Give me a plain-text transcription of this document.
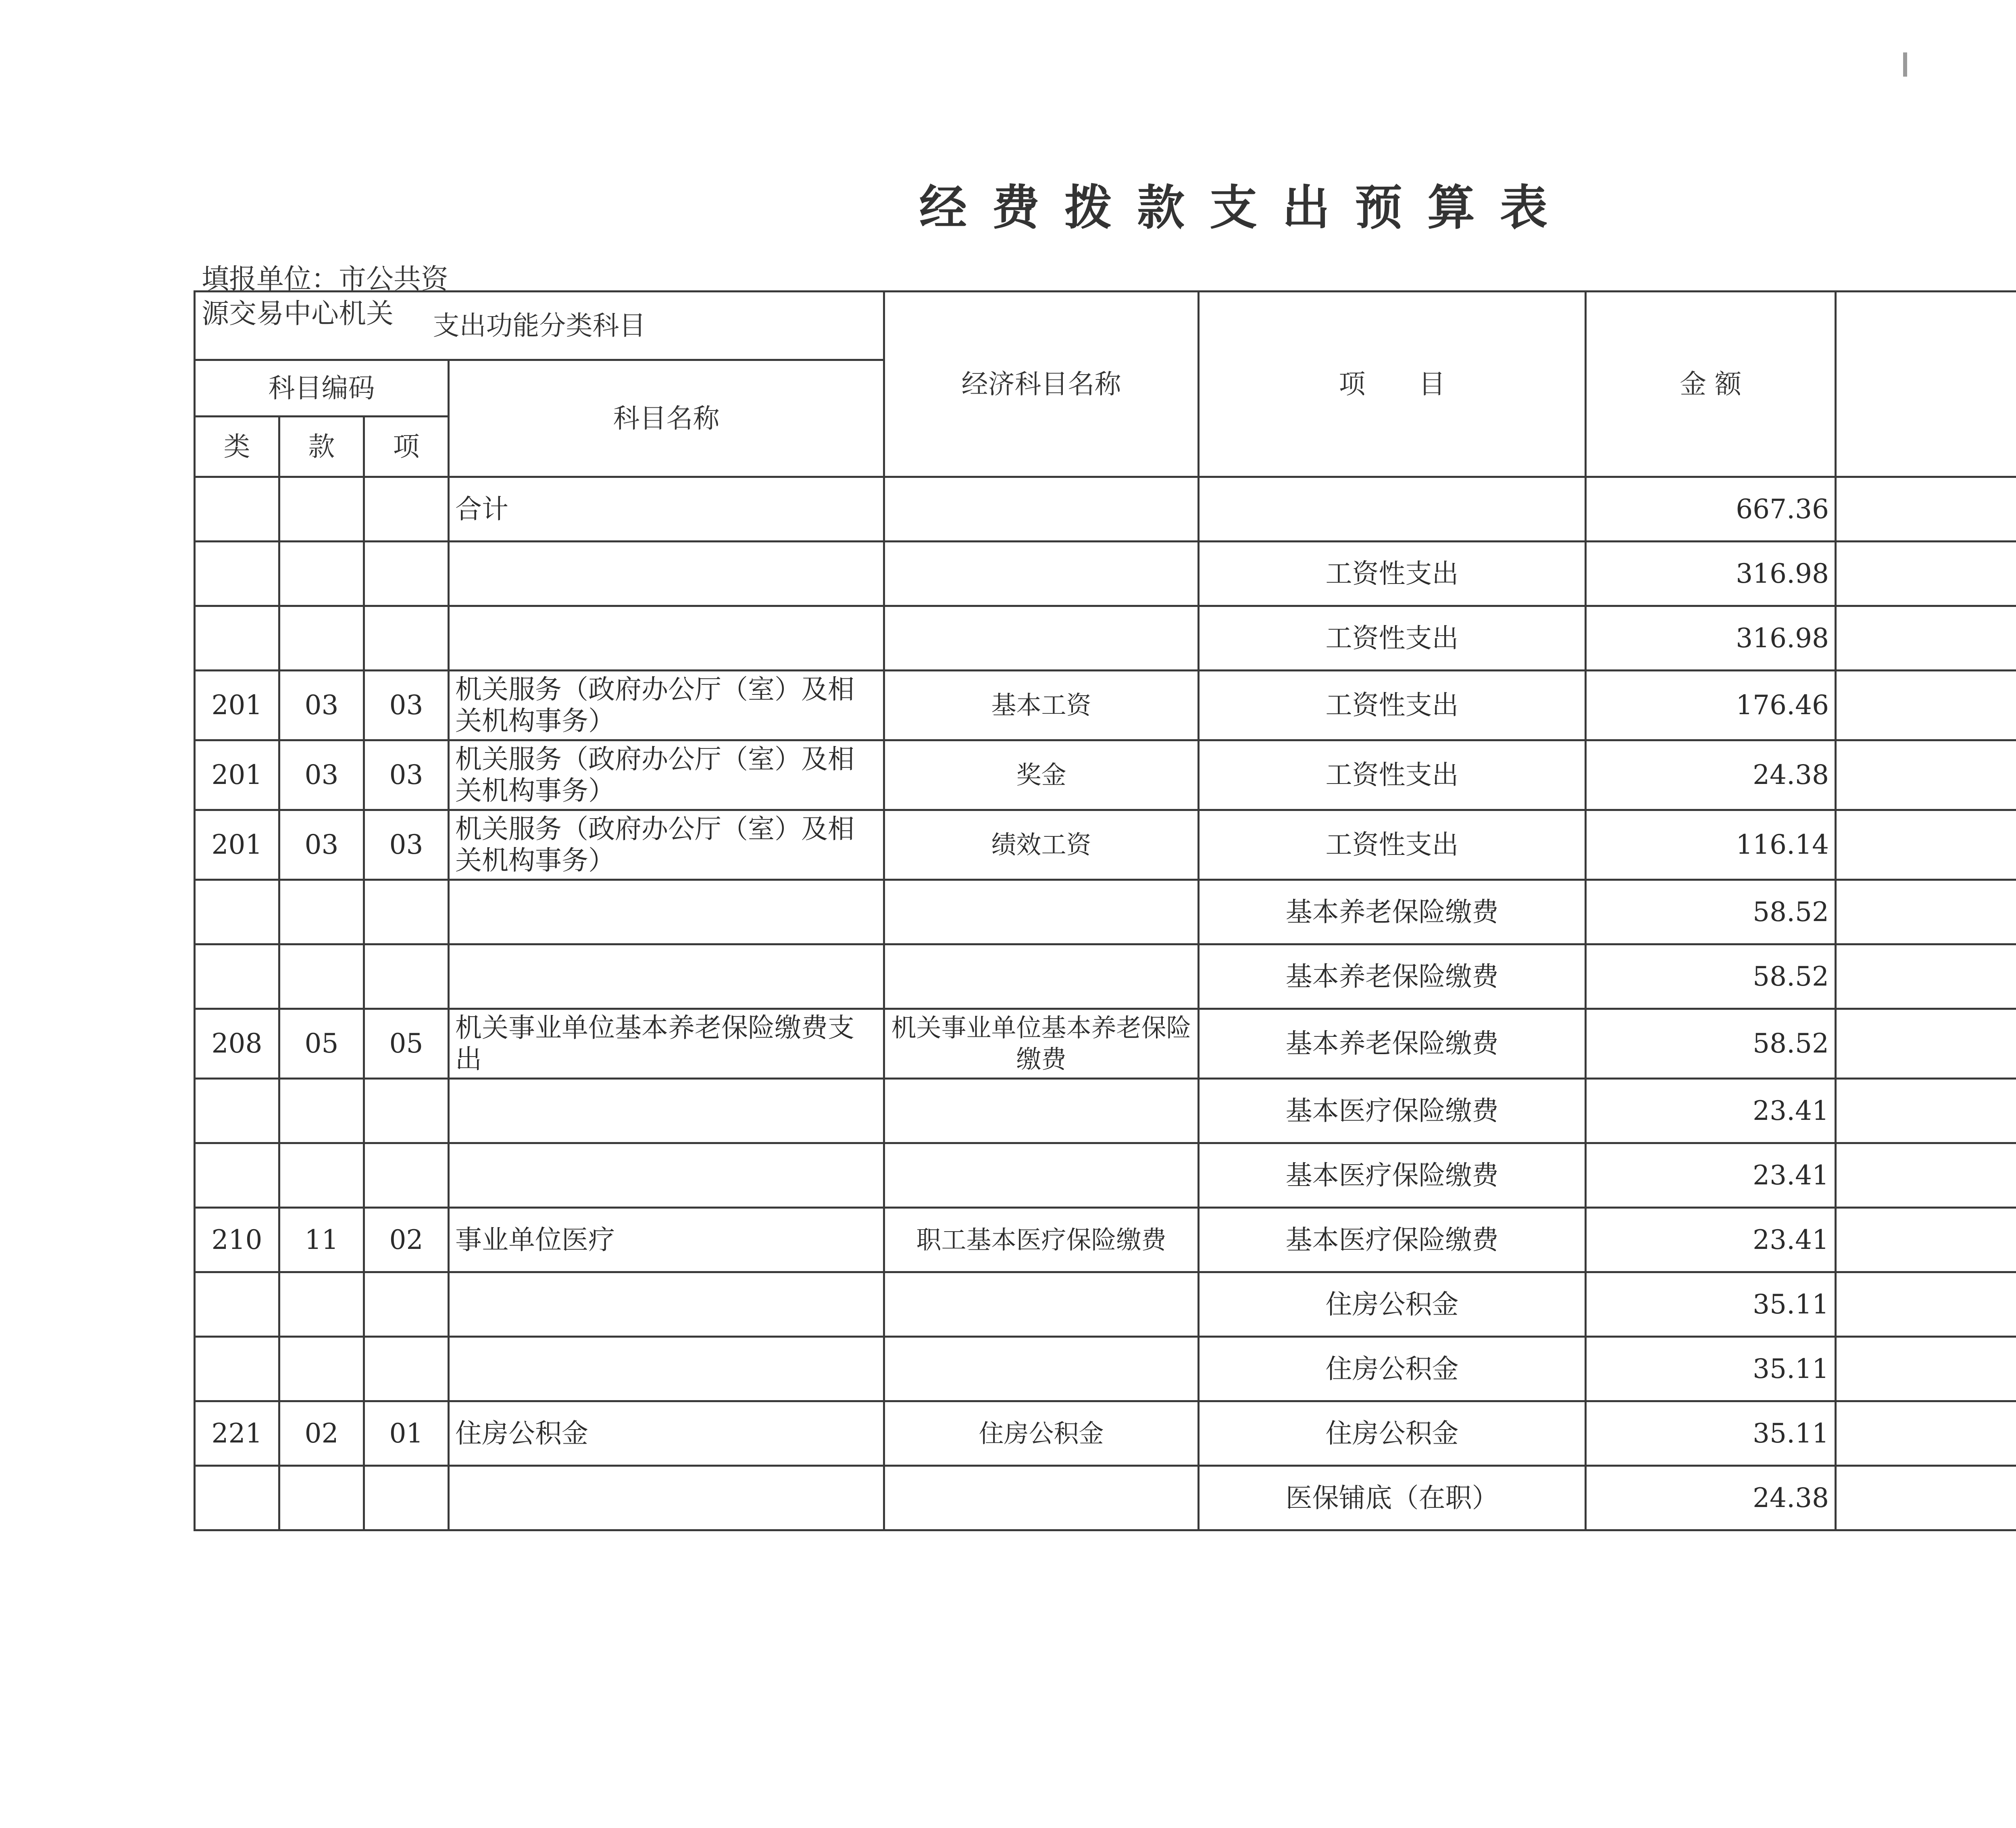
经费拨款支出预算表
填报单位：市公共资源交易中心机关	支出功能分类科目				经济科目名称	项　　目	金 额	
科目编码			科目名称				
类	款	项					
			合计			667.36	
					工资性支出	316.98	
					工资性支出	316.98	
201	03	03	机关服务（政府办公厅（室）及相关机构事务）	基本工资	工资性支出	176.46	
201	03	03	机关服务（政府办公厅（室）及相关机构事务）	奖金	工资性支出	24.38	
201	03	03	机关服务（政府办公厅（室）及相关机构事务）	绩效工资	工资性支出	116.14	
					基本养老保险缴费	58.52	
					基本养老保险缴费	58.52	
208	05	05	机关事业单位基本养老保险缴费支出	机关事业单位基本养老保险缴费	基本养老保险缴费	58.52	
					基本医疗保险缴费	23.41	
					基本医疗保险缴费	23.41	
210	11	02	事业单位医疗	职工基本医疗保险缴费	基本医疗保险缴费	23.41	
					住房公积金	35.11	
					住房公积金	35.11	
221	02	01	住房公积金	住房公积金	住房公积金	35.11	
					医保铺底（在职）	24.38	
